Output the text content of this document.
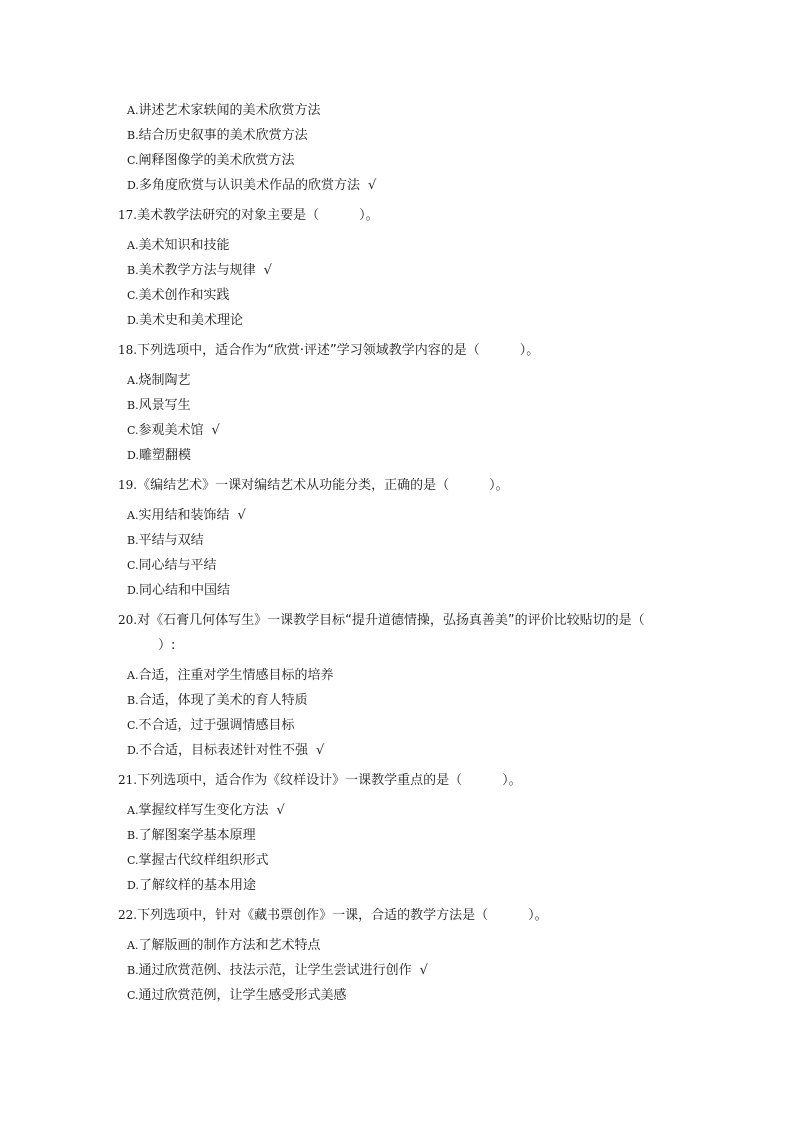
A.讲述艺术家轶闻的美术欣赏方法
B.结合历史叙事的美术欣赏方法
C.阐释图像学的美术欣赏方法
D.多角度欣赏与认识美术作品的欣赏方法 √
17.美术教学法研究的对象主要是（	）。
A.美术知识和技能
B.美术教学方法与规律 √
C.美术创作和实践
D.美术史和美术理论
18.下列选项中，适合作为“欣赏·评述”学习领域教学内容的是（	）。
A.烧制陶艺
B.风景写生
C.参观美术馆 √
D.雕塑翻模
19.《编结艺术》一课对编结艺术从功能分类，正确的是（	）。
A.实用结和装饰结 √
B.平结与双结
C.同心结与平结
D.同心结和中国结
20.对《石膏几何体写生》一课教学目标“提升道德情操，弘扬真善美”的评价比较贴切的是（）:
A.合适，注重对学生情感目标的培养
B.合适，体现了美术的育人特质
C.不合适，过于强调情感目标
D.不合适，目标表述针对性不强 √
21.下列选项中，适合作为《纹样设计》一课教学重点的是（	）。
A.掌握纹样写生变化方法 √
B.了解图案学基本原理
C.掌握古代纹样组织形式
D.了解纹样的基本用途
22.下列选项中，针对《藏书票创作》一课，合适的教学方法是（	）。
A.了解版画的制作方法和艺术特点
B.通过欣赏范例、技法示范，让学生尝试进行创作 √
C.通过欣赏范例，让学生感受形式美感
